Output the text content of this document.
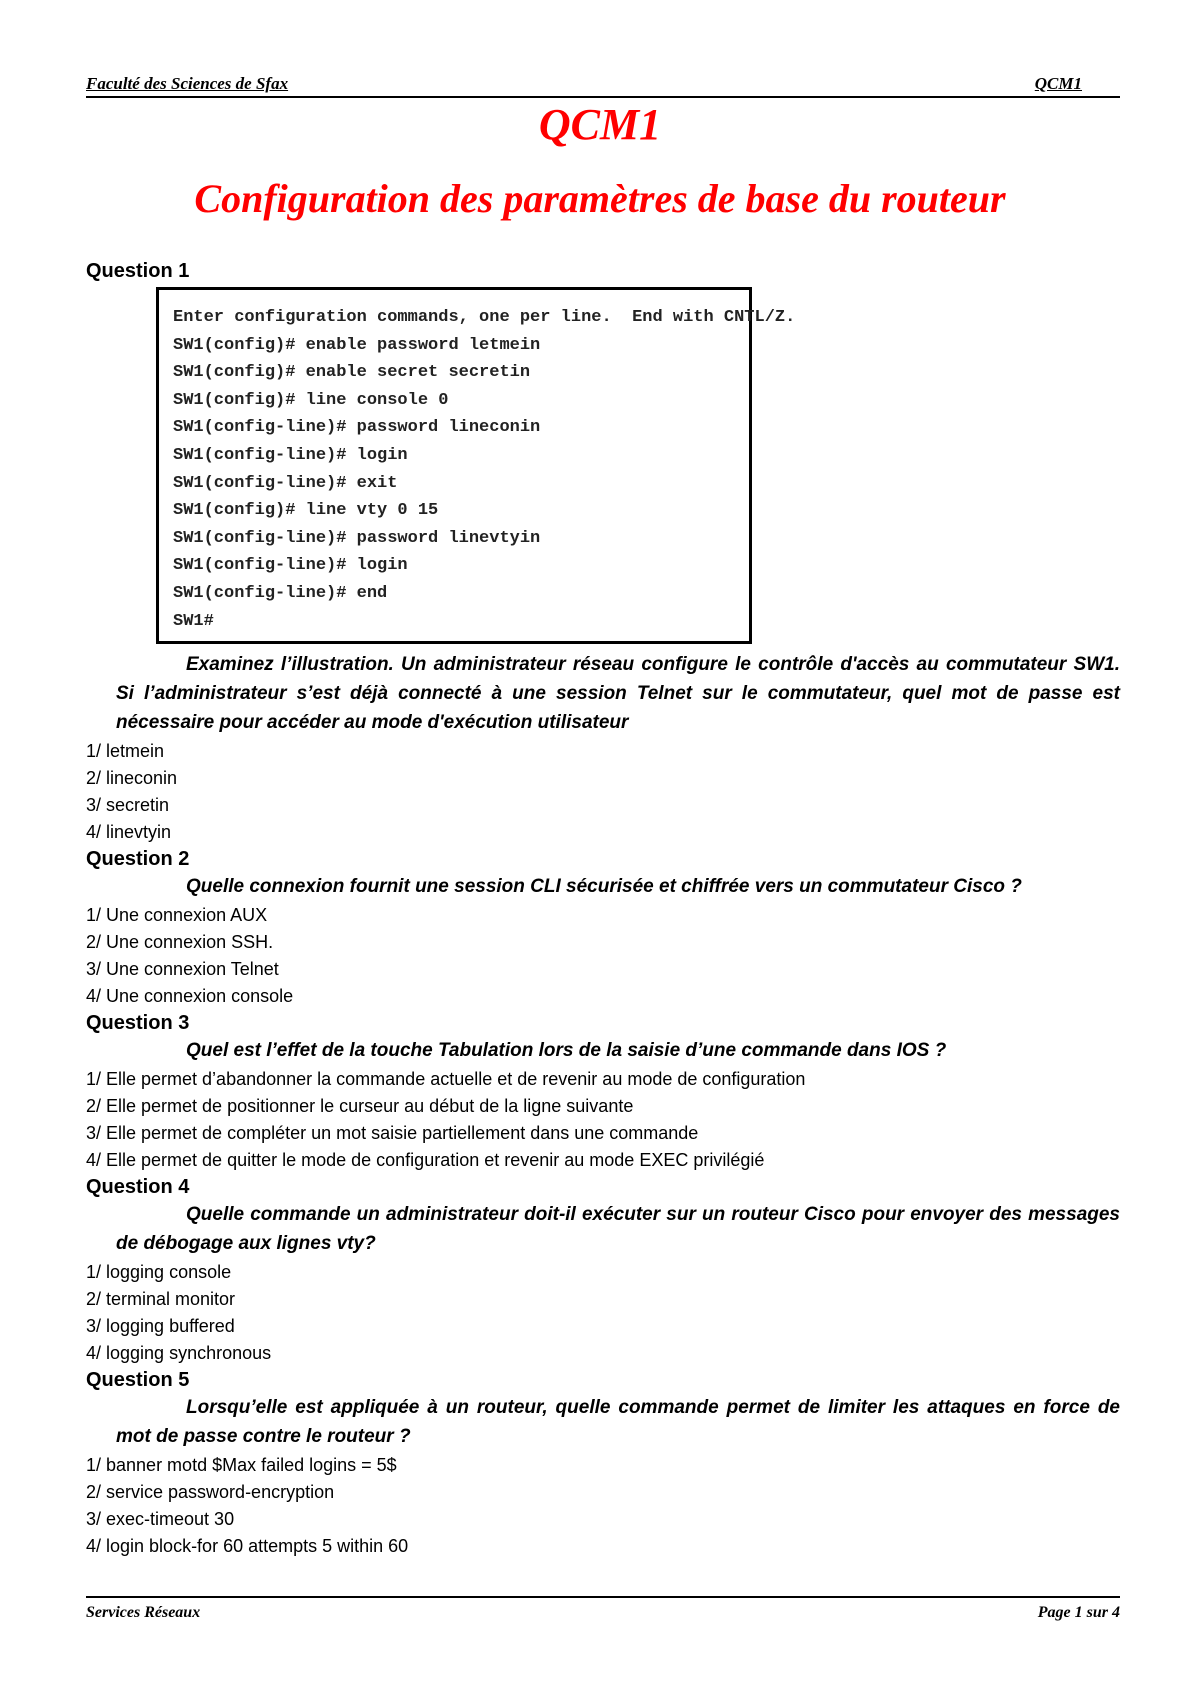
Faculté des Sciences de Sfax	QCM1
QCM1
Configuration des paramètres de base du routeur
Question 1
Enter configuration commands, one per line.  End with CNTL/Z.
SW1(config)# enable password letmein
SW1(config)# enable secret secretin
SW1(config)# line console 0
SW1(config-line)# password lineconin
SW1(config-line)# login
SW1(config-line)# exit
SW1(config)# line vty 0 15
SW1(config-line)# password linevtyin
SW1(config-line)# login
SW1(config-line)# end
SW1#

Examinez l’illustration. Un administrateur réseau configure le contrôle d'accès au commutateur SW1. Si l’administrateur s’est déjà connecté à une session Telnet sur le commutateur, quel mot de passe est nécessaire pour accéder au mode d'exécution utilisateur

1/ letmein
2/ lineconin
3/ secretin
4/ linevtyin
Question 2

Quelle connexion fournit une session CLI sécurisée et chiffrée vers un commutateur Cisco ?

1/ Une connexion AUX
2/ Une connexion SSH.
3/ Une connexion Telnet
4/ Une connexion console
Question 3

Quel est l’effet de la touche Tabulation lors de la saisie d’une commande dans IOS ?

1/ Elle permet d’abandonner la commande actuelle et de revenir au mode de configuration
2/ Elle permet de positionner le curseur au début de la ligne suivante
3/ Elle permet de compléter un mot saisie partiellement dans une commande
4/ Elle permet de quitter le mode de configuration et revenir au mode EXEC privilégié
Question 4

Quelle commande un administrateur doit-il exécuter sur un routeur Cisco pour envoyer des messages de débogage aux lignes vty?

1/ logging console
2/ terminal monitor
3/ logging buffered
4/ logging synchronous
Question 5

Lorsqu’elle est appliquée à un routeur, quelle commande permet de limiter les attaques en force de mot de passe contre le routeur ?

1/ banner motd $Max failed logins = 5$
2/ service password-encryption
3/ exec-timeout 30
4/ login block-for 60 attempts 5 within 60
Services Réseaux	Page 1 sur 4
